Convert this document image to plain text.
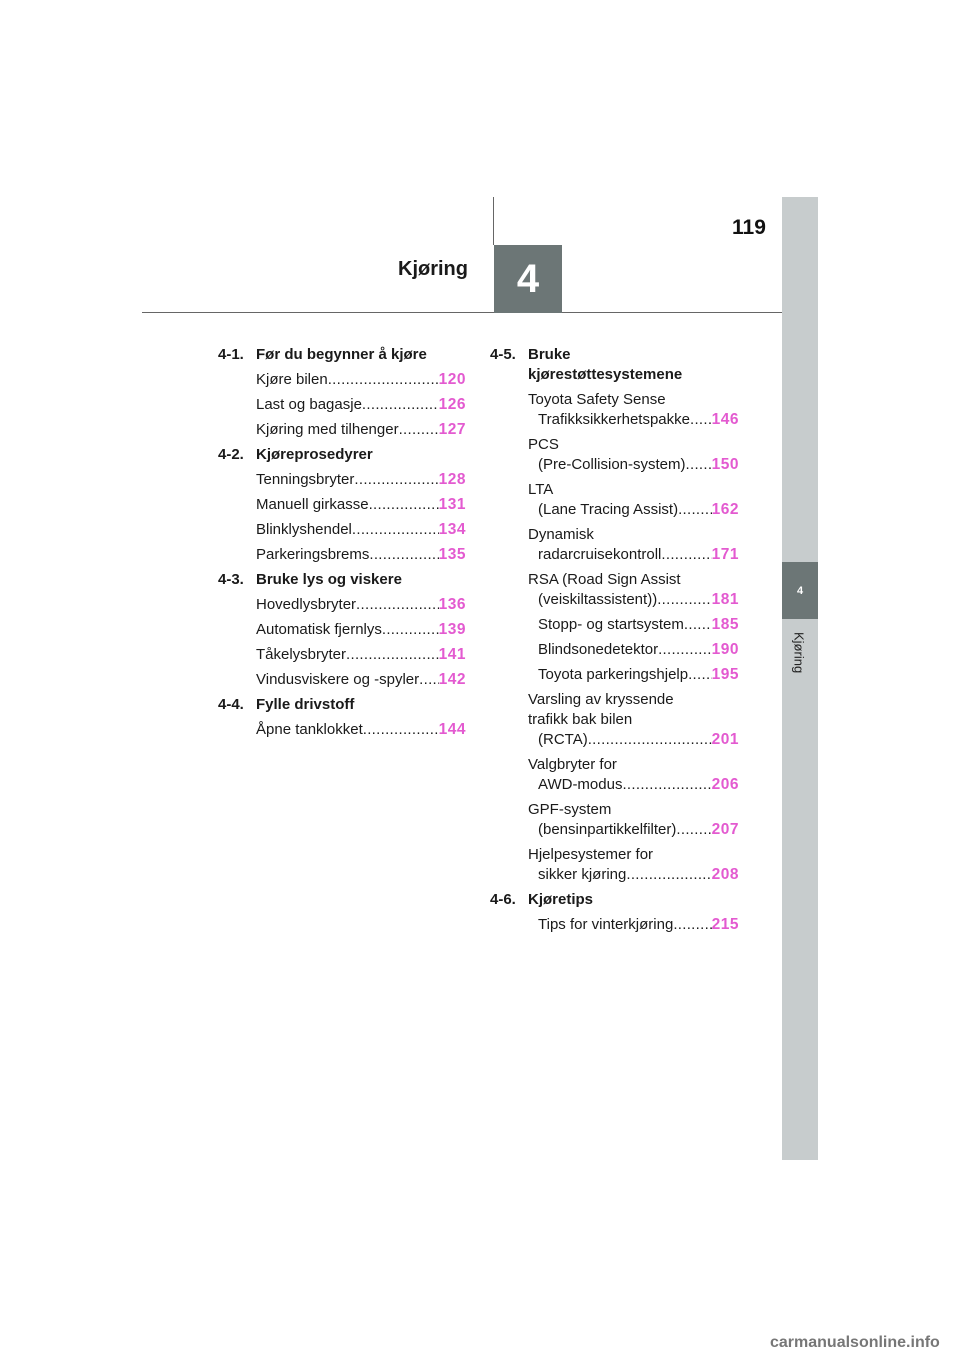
4
Kjøring
4
Kjøring
119
4-1. Før du begynner å kjøre
Kjøre bilen .....	120
Last og bagasje .....	126
Kjøring med tilhenger .....	127
4-2. Kjøreprosedyrer
Tenningsbryter .....	128
Manuell girkasse .....	131
Blinklyshendel .....	134
Parkeringsbrems .....	135
4-3. Bruke lys og viskere
Hovedlysbryter .....	136
Automatisk fjernlys .....	139
Tåkelysbryter .....	141
Vindusviskere og -spyler ..... 142
4-4. Fylle drivstoff
Åpne tanklokket .....	144
4-5. Bruke
kjørestøttesystemene
Toyota Safety Sense
Trafikksikkerhetspakke ..... 146
PCS
(Pre-Collision-system) ..... 150
LTA
(Lane Tracing Assist) ..... 162
Dynamisk
radarcruisekontroll .....	171
RSA (Road Sign Assist
(veiskiltassistent)) .....	181
Stopp- og startsystem ..... 185
Blindsonedetektor .....	190
Toyota parkeringshjelp ..... 195
Varsling av kryssende
trafikk bak bilen
(RCTA) .....	201
Valgbryter for
AWD-modus .....	206
GPF-system
(bensinpartikkelfilter) ..... 207
Hjelpesystemer for
sikker kjøring .....	208
4-6. Kjøretips
Tips for vinterkjøring ..... 215
carmanualsonline.info
